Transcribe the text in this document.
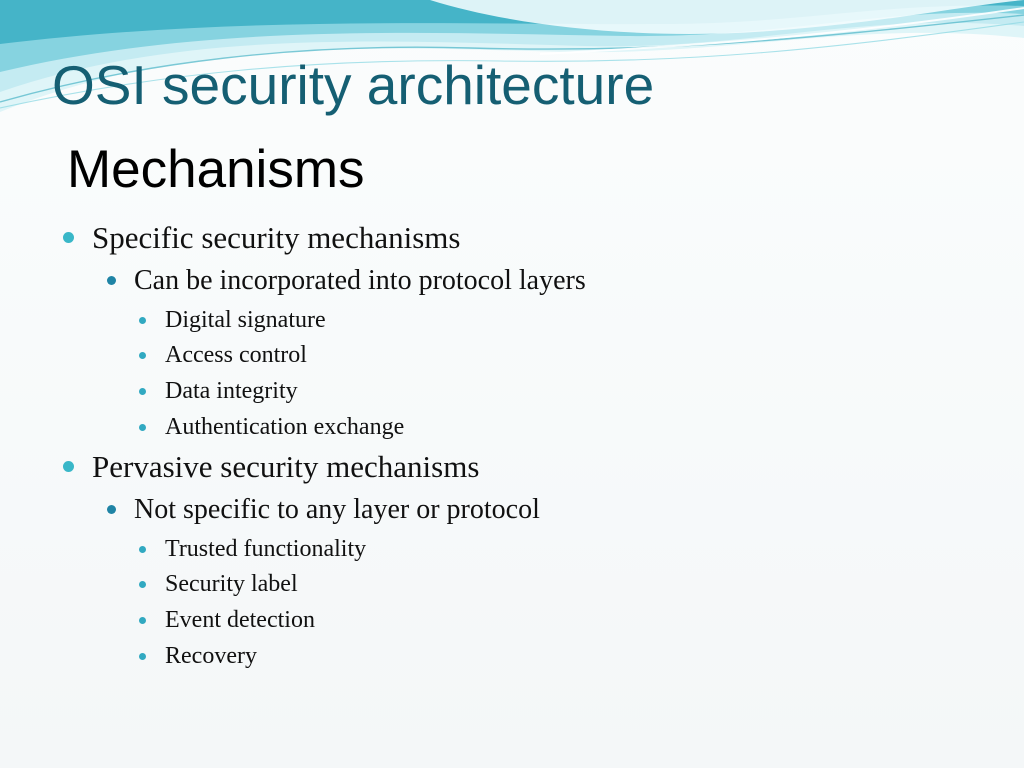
OSI security architecture
Mechanisms
Specific security mechanisms
Can be incorporated into protocol layers
Digital signature
Access control
Data integrity
Authentication exchange
Pervasive security mechanisms
Not specific to any layer or protocol
Trusted functionality
Security label
Event detection
Recovery
